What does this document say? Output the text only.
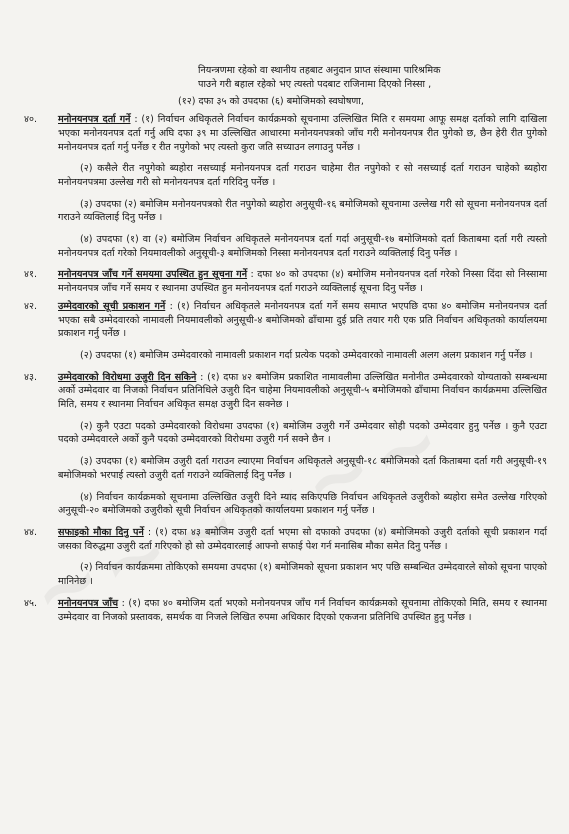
नियन्त्रणमा रहेको वा स्थानीय तहबाट अनुदान प्राप्त संस्थामा पारिश्रमिक

पाउने गरी बहाल रहेको भए त्यस्तो पदबाट राजिनामा दिएको निस्सा ,

(१२) दफा ३५ को उपदफा (६) बमोजिमको स्वघोषणा,

४०.	मनोनयनपत्र दर्ता गर्ने : (१) निर्वाचन अधिकृतले निर्वाचन कार्यक्रमको सूचनामा उल्लिखित मिति र समयमा आफू समक्ष दर्ताको लागि दाखिला भएका मनोनयनपत्र दर्ता गर्नु अघि दफा ३९ मा उल्लिखित आधारमा मनोनयनपत्रको जाँच गरी मनोनयनपत्र रीत पुगेको छ, छैन हेरी रीत पुगेको मनोनयनपत्र दर्ता गर्नु पर्नेछ र रीत नपुगेको भए त्यस्तो कुरा जति सच्याउन लगाउनु पर्नेछ ।

(२) कसैले रीत नपुगेको ब्यहोरा नसच्याई मनोनयनपत्र दर्ता गराउन चाहेमा रीत नपुगेको र सो नसच्याई दर्ता गराउन चाहेको ब्यहोरा मनोनयनपत्रमा उल्लेख गरी सो मनोनयनपत्र दर्ता गरिदिनु पर्नेछ ।

(३) उपदफा (२) बमोजिम मनोनयनपत्रको रीत नपुगेको ब्यहोरा अनुसूची-१६ बमोजिमको सूचनामा उल्लेख गरी सो सूचना मनोनयनपत्र दर्ता गराउने व्यक्तिलाई दिनु पर्नेछ ।

(४) उपदफा (१) वा (२) बमोजिम निर्वाचन अधिकृतले मनोनयनपत्र दर्ता गर्दा अनुसूची-१७ बमोजिमको दर्ता किताबमा दर्ता गरी त्यस्तो मनोनयनपत्र दर्ता गरेको नियमावलीको अनुसूची-३ बमोजिमको निस्सा मनोनयनपत्र दर्ता गराउने व्यक्तिलाई दिनु पर्नेछ ।

४१.	मनोनयनपत्र जाँच गर्ने समयमा उपस्थित हुन सूचना गर्ने : दफा ४० को उपदफा (४) बमोजिम मनोनयनपत्र दर्ता गरेको निस्सा दिंदा सो निस्सामा मनोनयनपत्र जाँच गर्ने समय र स्थानमा उपस्थित हुन मनोनयनपत्र दर्ता गराउने व्यक्तिलाई सूचना दिनु पर्नेछ ।

४२.	उम्मेदवारको सूची प्रकाशन गर्ने : (१) निर्वाचन अधिकृतले मनोनयनपत्र दर्ता गर्ने समय समाप्त भएपछि दफा ४० बमोजिम मनोनयनपत्र दर्ता भएका सबै उम्मेदवारको नामावली नियमावलीको अनुसूची-४ बमोजिमको ढाँचामा दुई प्रति तयार गरी एक प्रति निर्वाचन अधिकृतको कार्यालयमा प्रकाशन गर्नु पर्नेछ ।

(२) उपदफा (१) बमोजिम उम्मेदवारको नामावली प्रकाशन गर्दा प्रत्येक पदको उम्मेदवारको नामावली अलग अलग प्रकाशन गर्नु पर्नेछ ।

४३.	उम्मेदवारको विरोधमा उजुरी दिन सकिने : (१) दफा ४२ बमोजिम प्रकाशित नामावलीमा उल्लिखित मनोनीत उम्मेदवारको योग्यताको सम्बन्धमा अर्को उम्मेदवार वा निजको निर्वाचन प्रतिनिधिले उजुरी दिन चाहेमा नियमावलीको अनुसूची-५ बमोजिमको ढाँचामा निर्वाचन कार्यक्रममा उल्लिखित मिति, समय र स्थानमा निर्वाचन अधिकृत समक्ष उजुरी दिन सक्नेछ ।

(२) कुनै एउटा पदको उम्मेदवारको विरोधमा उपदफा (१) बमोजिम उजुरी गर्ने उम्मेदवार सोही पदको उम्मेदवार हुनु पर्नेछ । कुनै एउटा पदको उम्मेदवारले अर्को कुनै पदको उम्मेदवारको विरोधमा उजुरी गर्न सक्ने छैन ।

(३) उपदफा (१) बमोजिम उजुरी दर्ता गराउन ल्याएमा निर्वाचन अधिकृतले अनुसूची-१८ बमोजिमको दर्ता किताबमा दर्ता गरी अनुसूची-१९ बमोजिमको भरपाई त्यस्तो उजुरी दर्ता गराउने व्यक्तिलाई दिनु पर्नेछ ।

(४) निर्वाचन कार्यक्रमको सूचनामा उल्लिखित उजुरी दिने म्याद सकिएपछि निर्वाचन अधिकृतले उजुरीको ब्यहोरा समेत उल्लेख गरिएको अनुसूची-२० बमोजिमको उजुरीको सूची निर्वाचन अधिकृतको कार्यालयमा प्रकाशन गर्नु पर्नेछ ।

४४.	सफाइको मौका दिनु पर्ने : (१) दफा ४३ बमोजिम उजुरी दर्ता भएमा सो दफाको उपदफा (४) बमोजिमको उजुरी दर्ताको सूची प्रकाशन गर्दा जसका विरुद्धमा उजुरी दर्ता गरिएको हो सो उम्मेदवारलाई आफ्नो सफाई पेश गर्न मनासिब मौका समेत दिनु पर्नेछ ।

(२) निर्वाचन कार्यक्रममा तोकिएको समयमा उपदफा (१) बमोजिमको सूचना प्रकाशन भए पछि सम्बन्धित उम्मेदवारले सोको सूचना पाएको मानिनेछ ।

४५.	मनोनयनपत्र जाँच : (१) दफा ४० बमोजिम दर्ता भएको मनोनयनपत्र जाँच गर्न निर्वाचन कार्यक्रमको सूचनामा तोकिएको मिति, समय र स्थानमा उम्मेदवार वा निजको प्रस्तावक, समर्थक वा निजले लिखित रुपमा अधिकार दिएको एकजना प्रतिनिधि उपस्थित हुनु पर्नेछ ।
